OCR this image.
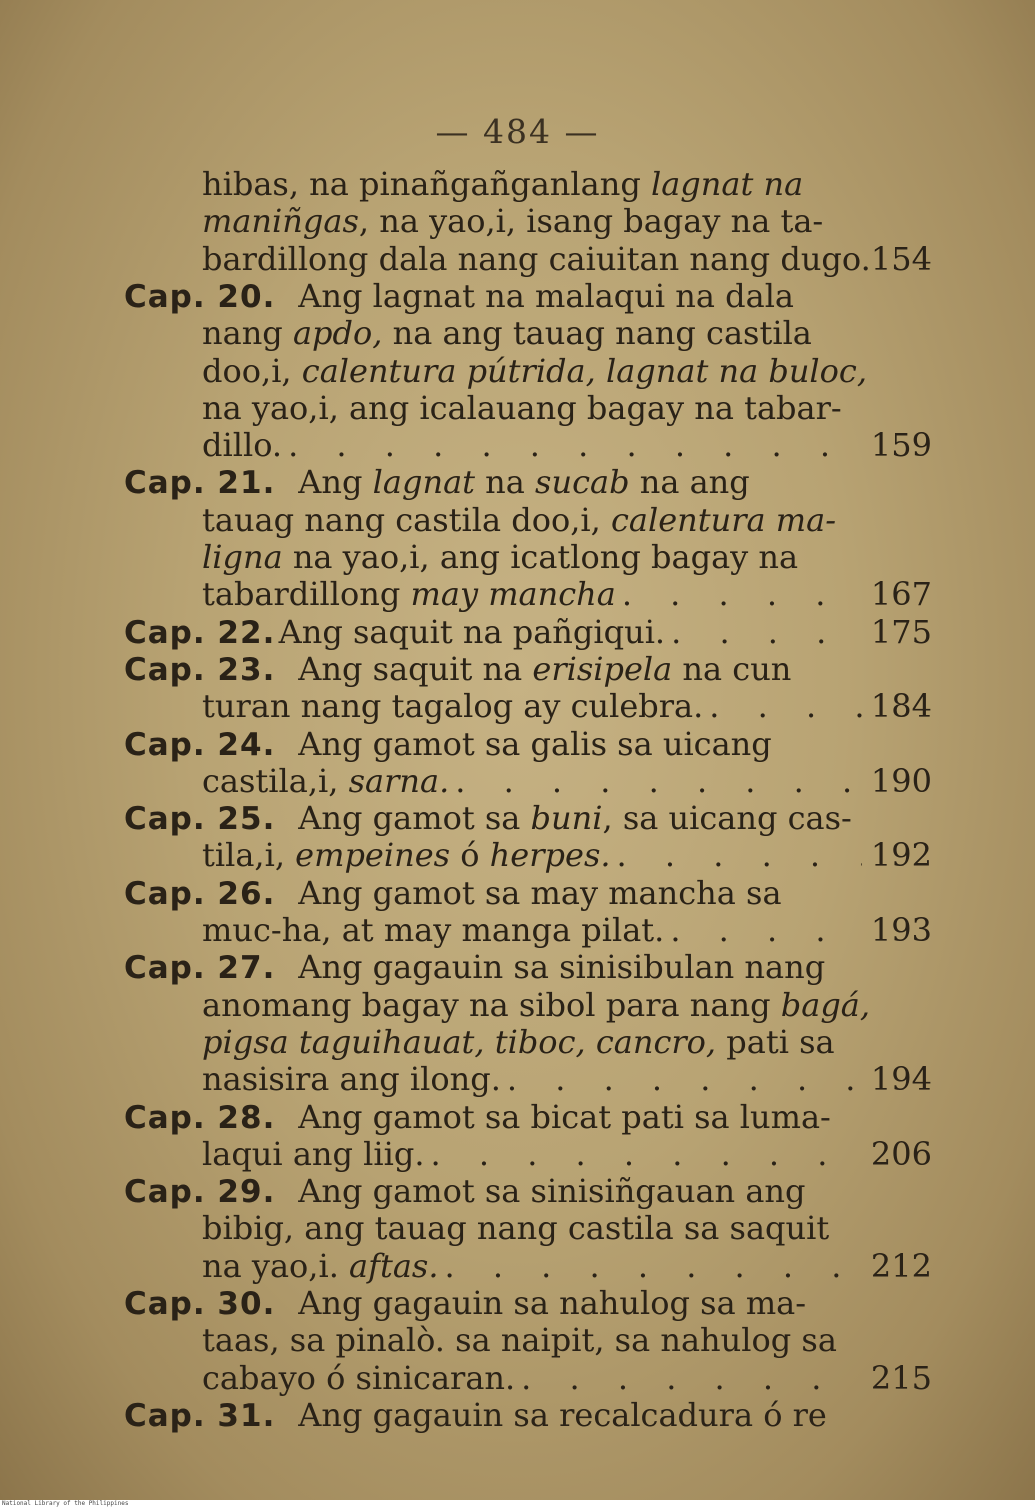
— 484 —
hibas, na pinañgañganlang lagnat na
maniñgas, na yao,i, isang bagay na ta-
bardillong dala nang caiuitan nang dugo. 154
Cap. 20. Ang lagnat na malaqui na dala
nang apdo, na ang tauag nang castila
doo,i, calentura pútrida, lagnat na buloc,
na yao,i, ang icalauang bagay na tabar-
dillo. . . .	159
Cap. 21. Ang lagnat na sucab na ang
tauag nang castila doo,i, calentura ma-
ligna na yao,i, ang icatlong bagay na
tabardillong may mancha . . .	167
Cap. 22. Ang saquit na pañgiqui. . . .	175
Cap. 23. Ang saquit na erisipela na cun
turan nang tagalog ay culebra. . . .	184
Cap. 24. Ang gamot sa galis sa uicang
castila,i, sarna. . . .	190
Cap. 25. Ang gamot sa buni, sa uicang cas-
tila,i, empeines ó herpes. . . .	192
Cap. 26. Ang gamot sa may mancha sa
muc-ha, at may manga pilat. . . .	193
Cap. 27. Ang gagauin sa sinisibulan nang
anomang bagay na sibol para nang bagá,
pigsa taguihauat, tiboc, cancro, pati sa
nasisira ang ilong. . . .	194
Cap. 28. Ang gamot sa bicat pati sa luma-
laqui ang liig. . . .	206
Cap. 29. Ang gamot sa sinisiñgauan ang
bibig, ang tauag nang castila sa saquit
na yao,i. aftas. . . .	212
Cap. 30. Ang gagauin sa nahulog sa ma-
taas, sa pinalò. sa naipit, sa nahulog sa
cabayo ó sinicaran. . . .	215
Cap. 31. Ang gagauin sa recalcadura ó re
National Library of the Philippines
